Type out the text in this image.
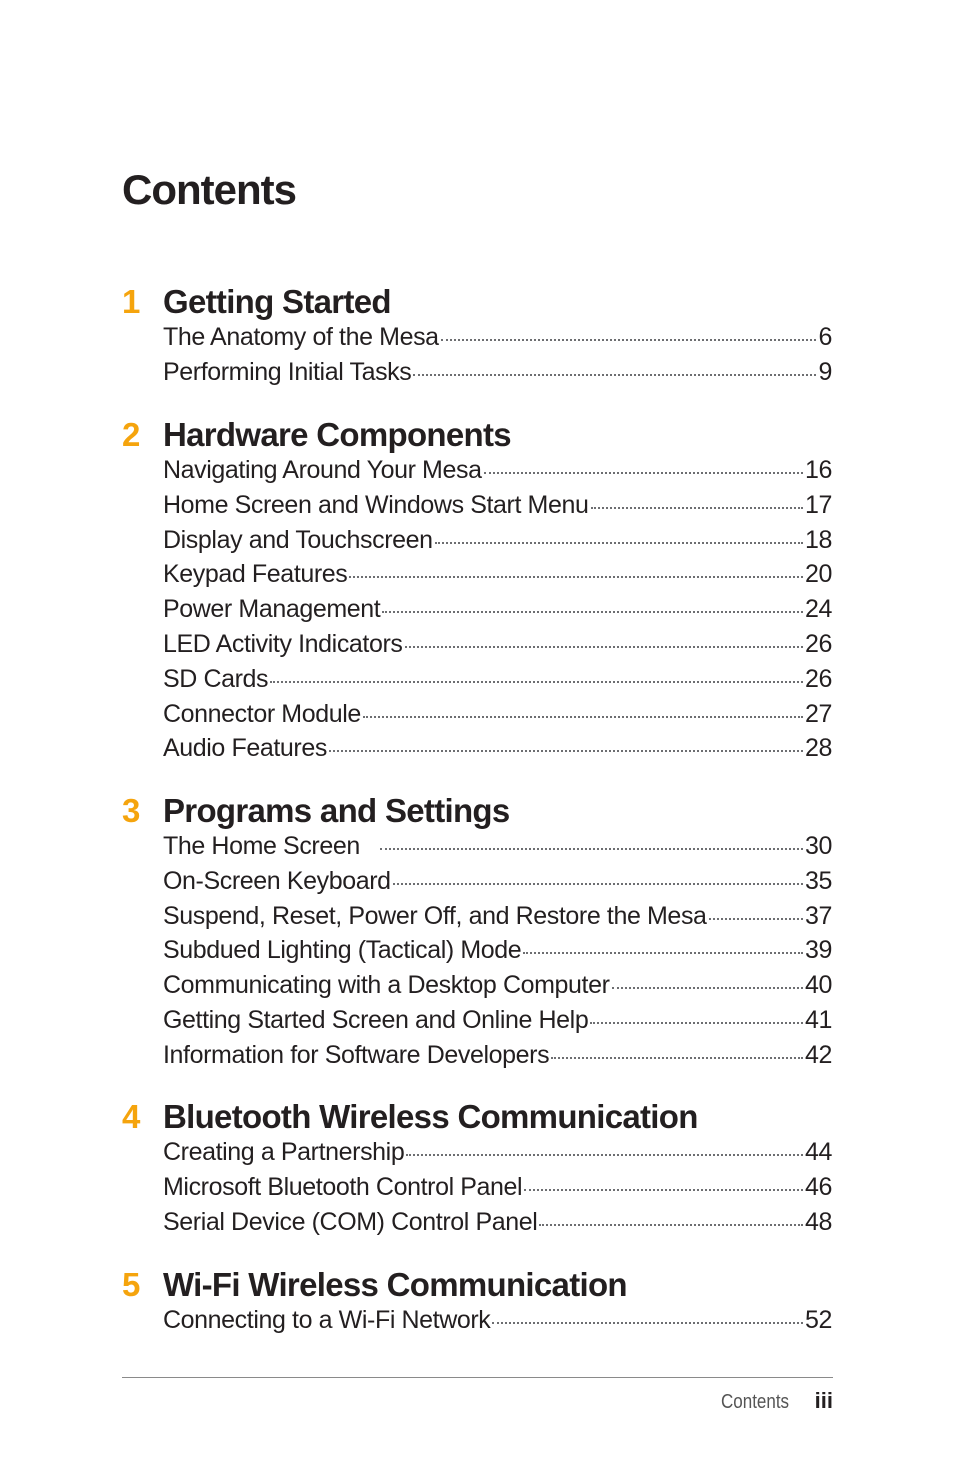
Contents
1 Getting Started
The Anatomy of the Mesa	6
Performing Initial Tasks	9
2 Hardware Components
Navigating Around Your Mesa	16
Home Screen and Windows Start Menu	17
Display and Touchscreen	18
Keypad Features	20
Power Management	24
LED Activity Indicators	26
SD Cards	26
Connector Module	27
Audio Features	28
3 Programs and Settings
The Home Screen	30
On-Screen Keyboard	35
Suspend, Reset, Power Off, and Restore the Mesa	37
Subdued Lighting (Tactical) Mode	39
Communicating with a Desktop Computer	40
Getting Started Screen and Online Help	41
Information for Software Developers	42
4 Bluetooth Wireless Communication
Creating a Partnership	44
Microsoft Bluetooth Control Panel	46
Serial Device (COM) Control Panel	48
5 Wi-Fi Wireless Communication
Connecting to a Wi-Fi Network	52
Contents iii
